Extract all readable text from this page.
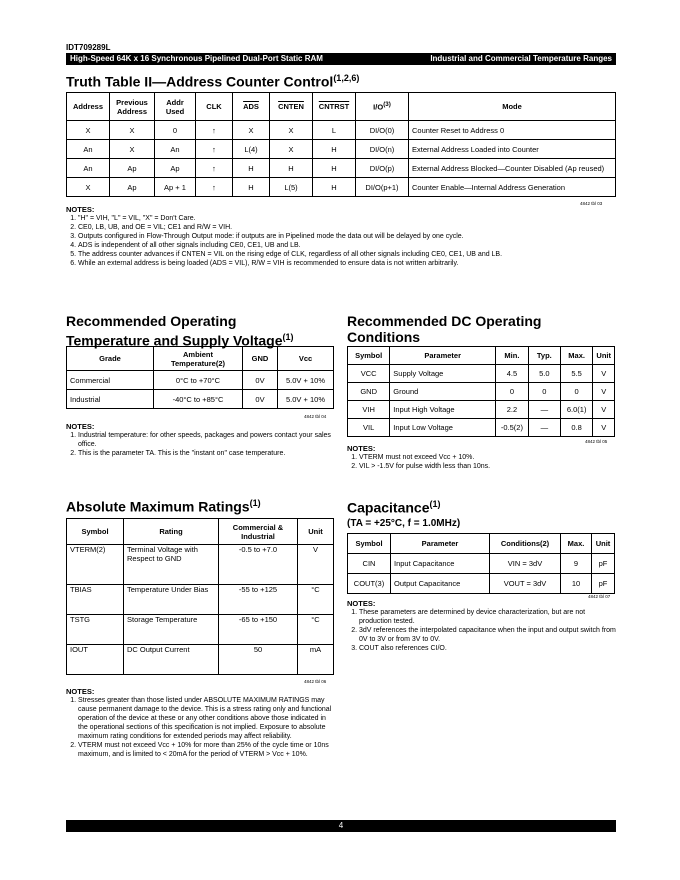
IDT709289L
High-Speed 64K x 16 Synchronous Pipelined Dual-Port Static RAM	Industrial and Commercial Temperature Ranges
Truth Table II—Address Counter Control$^{(1,2,6)}$
Address	Previous Address	Addr Used	CLK	$\overline{ADS}$	CNTEN	CNTRST	$I/O^{(3)}$	Mode
X	X	0	↑	X	X	L	DI/O(0)	Counter Reset to Address 0
An	X	An	↑	L(4)	X	H	DI/O(n)	External Address Loaded into Counter
An	Ap	Ap	↑	H	H	H	DI/O(p)	External Address Blocked—Counter Disabled (Ap reused)
X	Ap	Ap + 1	↑	H	L(5)	H	DI/O(p+1)	Counter Enable—Internal Address Generation
4842 tbl 03
NOTES:
1. "H" = VIH, "L" = VIL, "X" = Don't Care.
2. CE0, LB, UB, and OE = VIL; CE1 and R/W = VIH.
3. Outputs configured in Flow-Through Output mode: if outputs are in Pipelined mode the data out will be delayed by one cycle.
4. ADS is independent of all other signals including CE0, CE1, UB and LB.
5. The address counter advances if CNTEN = VIL on the rising edge of CLK, regardless of all other signals including CE0, CE1, UB and LB.
6. While an external address is being loaded (ADS = VIL), R/W = VIH is recommended to ensure data is not written arbitrarily.
Recommended Operating
Temperature and Supply Voltage$^{(1)}$
Grade	Ambient Temperature(2)	GND	Vcc
Commercial	0°C to +70°C	0V	5.0V + 10%
Industrial	-40°C to +85°C	0V	5.0V + 10%
4842 tbl 04
NOTES:
1. Industrial temperature: for other speeds, packages and powers contact your sales office.
2. This is the parameter TA. This is the "instant on" case temperature.
Recommended DC Operating
Conditions
Symbol	Parameter	Min.	Typ.	Max.	Unit
VCC	Supply Voltage	4.5	5.0	5.5	V
GND	Ground	0	0	0	V
VIH	Input High Voltage	2.2	—	6.0(1)	V
VIL	Input Low Voltage	-0.5(2)	—	0.8	V
4842 tbl 05
NOTES:
1. VTERM must not exceed Vcc + 10%.
2. VIL > -1.5V for pulse width less than 10ns.
Absolute Maximum Ratings$^{(1)}$
Symbol	Rating	Commercial & Industrial	Unit
VTERM(2)	Terminal Voltage with Respect to GND	-0.5 to +7.0	V
TBIAS	Temperature Under Bias	-55 to +125	°C
TSTG	Storage Temperature	-65 to +150	°C
IOUT	DC Output Current	50	mA
4842 tbl 06
NOTES:
1. Stresses greater than those listed under ABSOLUTE MAXIMUM RATINGS may cause permanent damage to the device. This is a stress rating only and functional operation of the device at these or any other conditions above those indicated in the operational sections of this specification is not implied. Exposure to absolute maximum rating conditions for extended periods may affect reliability.
2. VTERM must not exceed Vcc + 10% for more than 25% of the cycle time or 10ns maximum, and is limited to < 20mA for the period of VTERM > Vcc + 10%.
Capacitance$^{(1)}$
(TA = +25°C, f = 1.0MHz)
Symbol	Parameter	Conditions(2)	Max.	Unit
CIN	Input Capacitance	VIN = 3dV	9	pF
COUT(3)	Output Capacitance	VOUT = 3dV	10	pF
4842 tbl 07
NOTES:
1. These parameters are determined by device characterization, but are not production tested.
2. 3dV references the interpolated capacitance when the input and output switch from 0V to 3V or from 3V to 0V.
3. COUT also references CI/O.
4
